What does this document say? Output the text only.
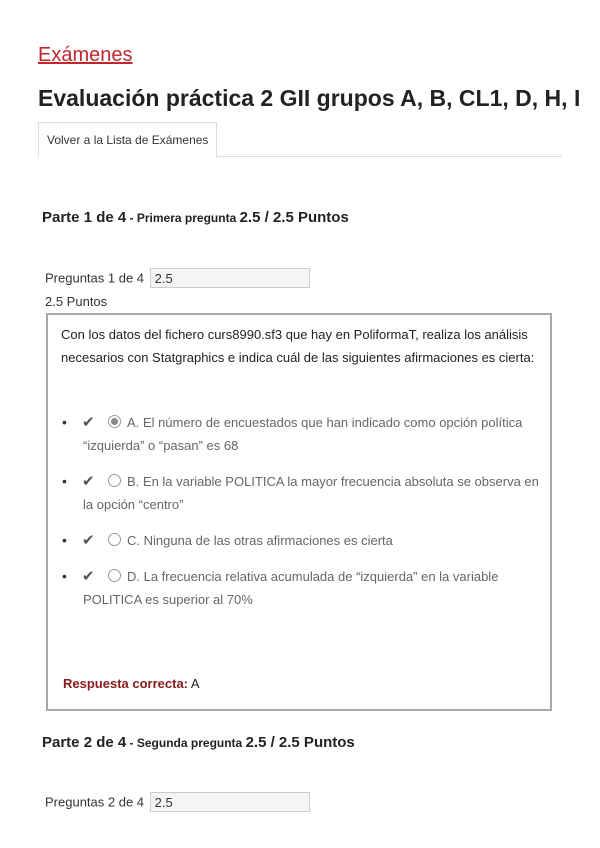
Exámenes
Evaluación práctica 2 GII grupos A, B, CL1, D, H, I
Volver a la Lista de Exámenes
Parte 1 de 4 - Primera pregunta 2.5 / 2.5 Puntos
Preguntas 1 de 4 2.5
2.5 Puntos
Con los datos del fichero curs8990.sf3 que hay en PoliformaT, realiza los análisis necesarios con Statgraphics e indica cuál de las siguientes afirmaciones es cierta:
• ✔	A. El número de encuestados que han indicado como opción política “izquierda” o “pasan” es 68
• ✔	B. En la variable POLITICA la mayor frecuencia absoluta se observa en la opción “centro”
• ✔	C. Ninguna de las otras afirmaciones es cierta
• ✔	D. La frecuencia relativa acumulada de “izquierda” en la variable POLITICA es superior al 70%
Respuesta correcta: A
Parte 2 de 4 - Segunda pregunta 2.5 / 2.5 Puntos
Preguntas 2 de 4 2.5
